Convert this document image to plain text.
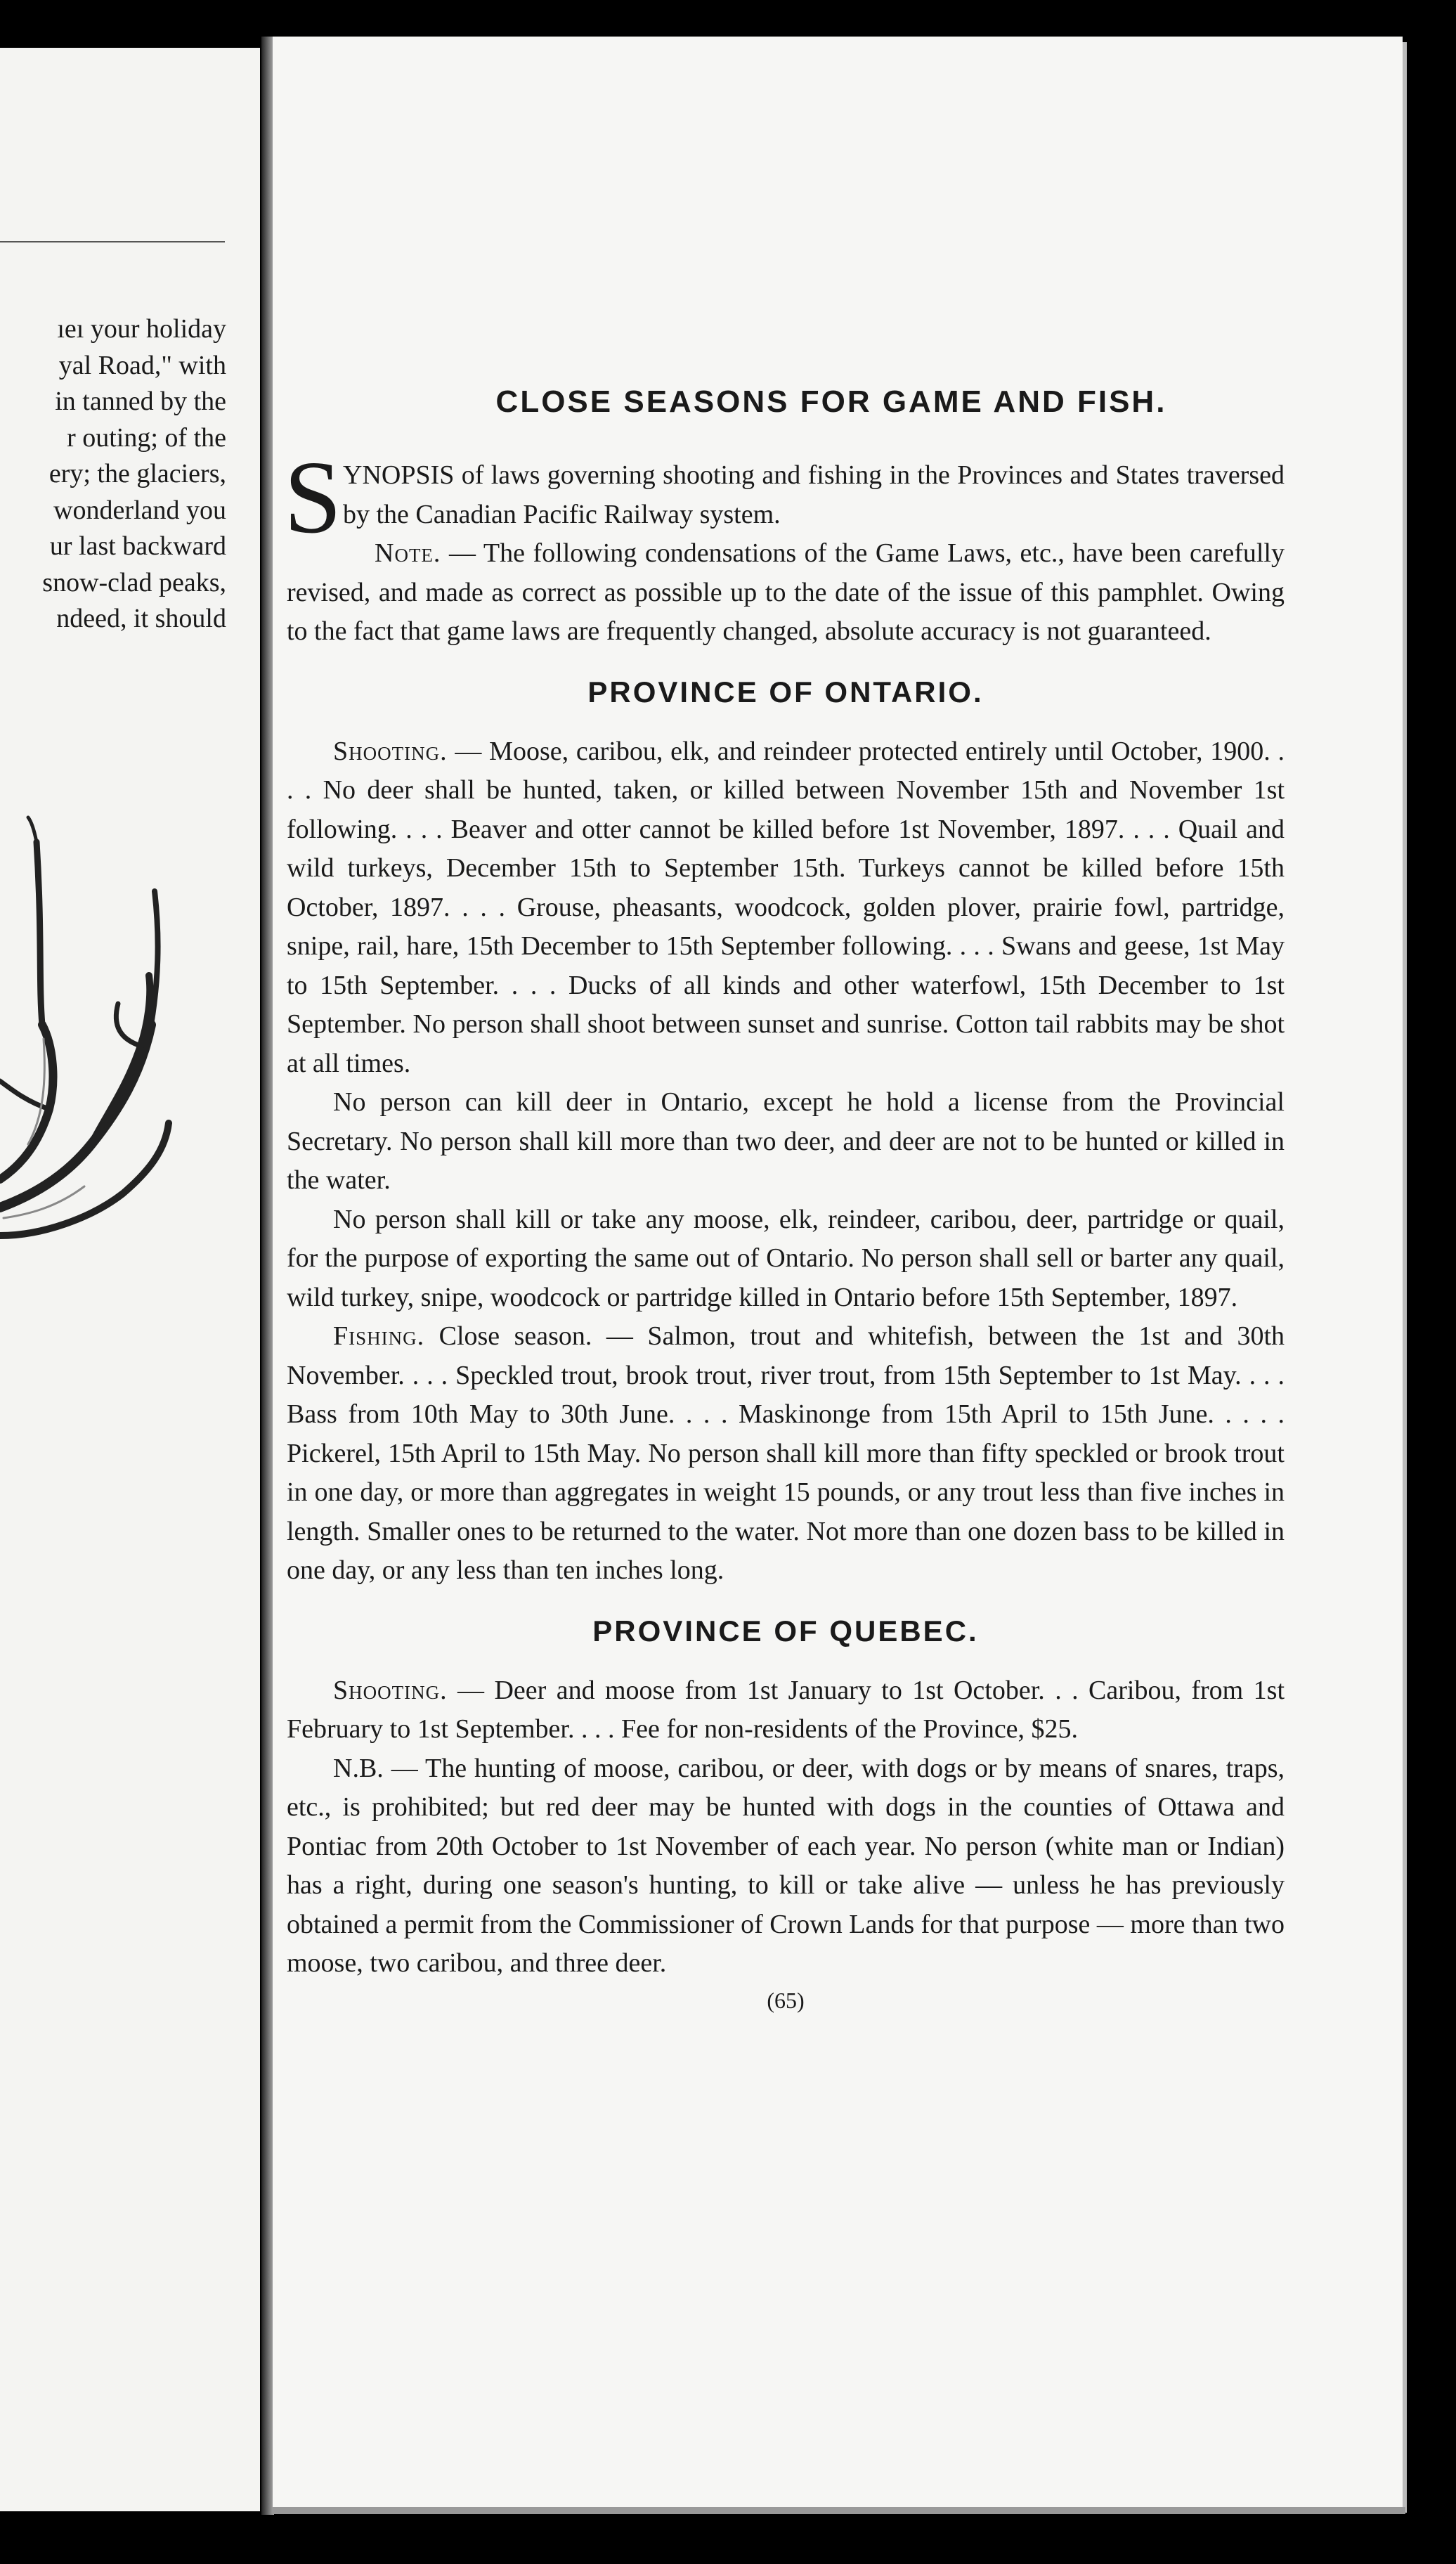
ıeı your holiday
yal Road," with
in tanned by the
r outing; of the
ery; the glaciers,
wonderland you
ur last backward
snow-clad peaks,
ndeed, it should
CLOSE SEASONS FOR GAME AND FISH.

S YNOPSIS of laws governing shooting and fishing in the Provinces and States traversed by the Canadian Pacific Railway system.

Note. — The following condensations of the Game Laws, etc., have been carefully revised, and made as correct as possible up to the date of the issue of this pamphlet. Owing to the fact that game laws are frequently changed, absolute accuracy is not guaranteed.

PROVINCE OF ONTARIO.

Shooting. — Moose, caribou, elk, and reindeer protected entirely until October, 1900. . . . No deer shall be hunted, taken, or killed between November 15th and November 1st following. . . . Beaver and otter cannot be killed before 1st November, 1897. . . . Quail and wild turkeys, December 15th to September 15th. Turkeys cannot be killed before 15th October, 1897. . . . Grouse, pheasants, woodcock, golden plover, prairie fowl, partridge, snipe, rail, hare, 15th December to 15th September following. . . . Swans and geese, 1st May to 15th September. . . . Ducks of all kinds and other waterfowl, 15th December to 1st September. No person shall shoot between sunset and sunrise. Cotton tail rabbits may be shot at all times.

No person can kill deer in Ontario, except he hold a license from the Provincial Secretary. No person shall kill more than two deer, and deer are not to be hunted or killed in the water.

No person shall kill or take any moose, elk, reindeer, caribou, deer, partridge or quail, for the purpose of exporting the same out of Ontario. No person shall sell or barter any quail, wild turkey, snipe, woodcock or partridge killed in Ontario before 15th September, 1897.

Fishing. Close season. — Salmon, trout and whitefish, between the 1st and 30th November. . . . Speckled trout, brook trout, river trout, from 15th September to 1st May. . . . Bass from 10th May to 30th June. . . . Maskinonge from 15th April to 15th June. . . . . Pickerel, 15th April to 15th May. No person shall kill more than fifty speckled or brook trout in one day, or more than aggregates in weight 15 pounds, or any trout less than five inches in length. Smaller ones to be returned to the water. Not more than one dozen bass to be killed in one day, or any less than ten inches long.

PROVINCE OF QUEBEC.

Shooting. — Deer and moose from 1st January to 1st October. . . Caribou, from 1st February to 1st September. . . . Fee for non-residents of the Province, $25.

N.B. — The hunting of moose, caribou, or deer, with dogs or by means of snares, traps, etc., is prohibited; but red deer may be hunted with dogs in the counties of Ottawa and Pontiac from 20th October to 1st November of each year. No person (white man or Indian) has a right, during one season's hunting, to kill or take alive — unless he has previously obtained a permit from the Commissioner of Crown Lands for that purpose — more than two moose, two caribou, and three deer.

(65)
